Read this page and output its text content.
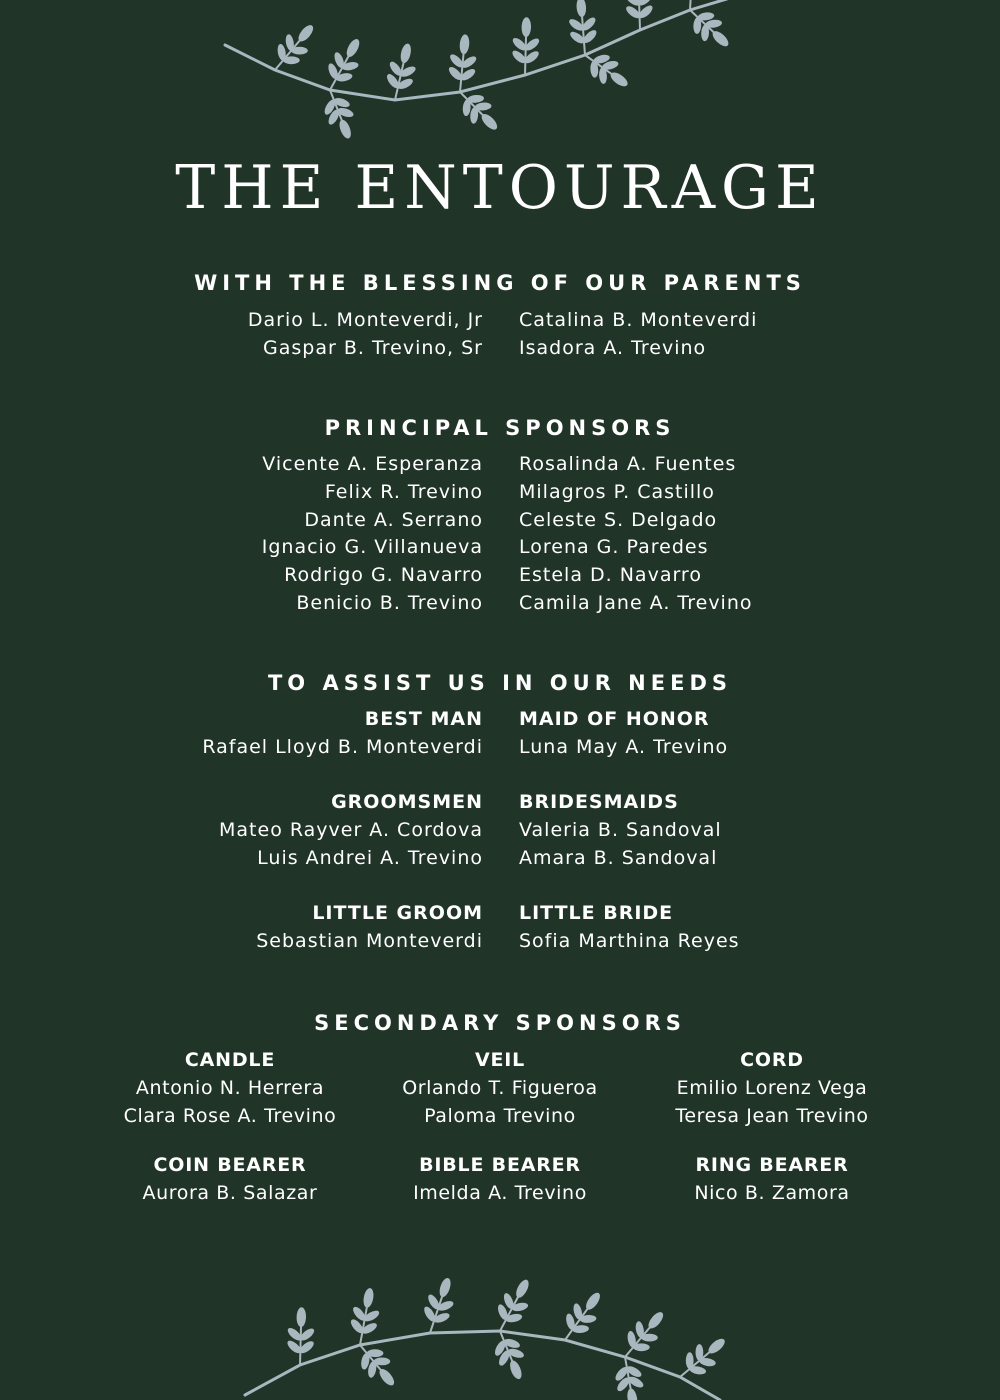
THE ENTOURAGE
WITH THE BLESSING OF OUR PARENTS
Dario L. Monteverdi, Jr
Gaspar B. Trevino, Sr
Catalina B. Monteverdi
Isadora A. Trevino
PRINCIPAL SPONSORS
Vicente A. Esperanza
Felix R. Trevino
Dante A. Serrano
Ignacio G. Villanueva
Rodrigo G. Navarro
Benicio B. Trevino
Rosalinda A. Fuentes
Milagros P. Castillo
Celeste S. Delgado
Lorena G. Paredes
Estela D. Navarro
Camila Jane A. Trevino
TO ASSIST US IN OUR NEEDS
BEST MAN
Rafael Lloyd B. Monteverdi
MAID OF HONOR
Luna May A. Trevino
GROOMSMEN
Mateo Rayver A. Cordova
Luis Andrei A. Trevino
BRIDESMAIDS
Valeria B. Sandoval
Amara B. Sandoval
LITTLE GROOM
Sebastian Monteverdi
LITTLE BRIDE
Sofia Marthina Reyes
SECONDARY SPONSORS
CANDLE
Antonio N. Herrera
Clara Rose A. Trevino
VEIL
Orlando T. Figueroa
Paloma Trevino
CORD
Emilio Lorenz Vega
Teresa Jean Trevino
COIN BEARER
Aurora B. Salazar
BIBLE BEARER
Imelda A. Trevino
RING BEARER
Nico B. Zamora
